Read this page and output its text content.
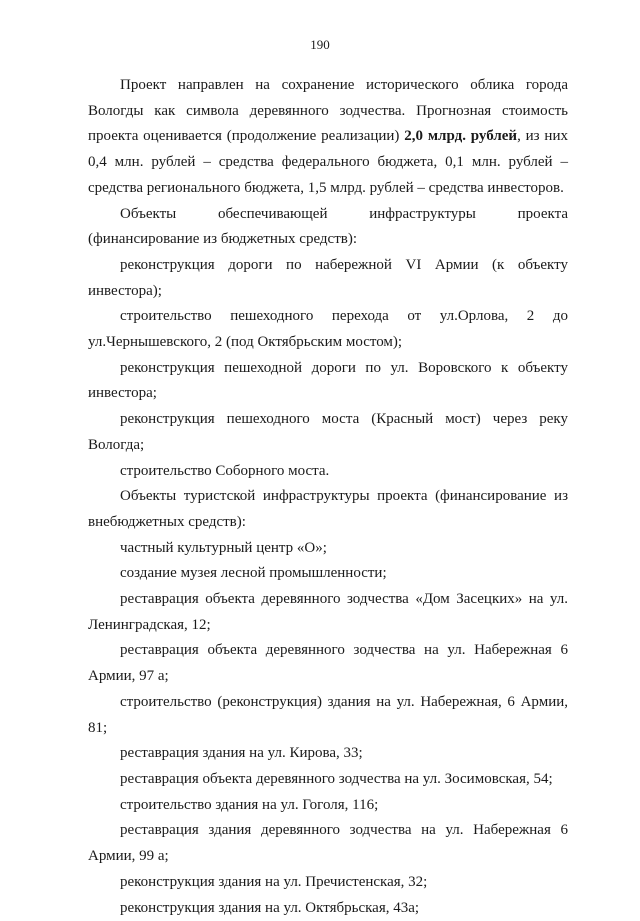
190

Проект направлен на сохранение исторического облика города Вологды как символа деревянного зодчества. Прогнозная стоимость проекта оценивается (продолжение реализации) 2,0 млрд. рублей, из них 0,4 млн. рублей – средства федерального бюджета, 0,1 млн. рублей – средства регионального бюджета, 1,5 млрд. рублей – средства инвесторов.

Объекты обеспечивающей инфраструктуры проекта (финансирование из бюджетных средств):

реконструкция дороги по набережной VI Армии (к объекту инвестора);

строительство пешеходного перехода от ул.Орлова, 2 до ул.Чернышевского, 2 (под Октябрьским мостом);

реконструкция пешеходной дороги по ул. Воровского к объекту инвестора;

реконструкция пешеходного моста (Красный мост) через реку Вологда;

строительство Соборного моста.

Объекты туристской инфраструктуры проекта (финансирование из внебюджетных средств):

частный культурный центр «О»;

создание музея лесной промышленности;

реставрация объекта деревянного зодчества «Дом Засецких» на ул. Ленинградская, 12;

реставрация объекта деревянного зодчества на ул. Набережная 6 Армии, 97 а;

строительство (реконструкция) здания на ул. Набережная, 6 Армии, 81;

реставрация здания на ул. Кирова, 33;

реставрация объекта деревянного зодчества на ул. Зосимовская, 54;

строительство здания на ул. Гоголя, 116;

реставрация здания деревянного зодчества на ул. Набережная 6 Армии, 99 а;

реконструкция здания на ул. Пречистенская, 32;

реконструкция здания на ул. Октябрьская, 43а;
